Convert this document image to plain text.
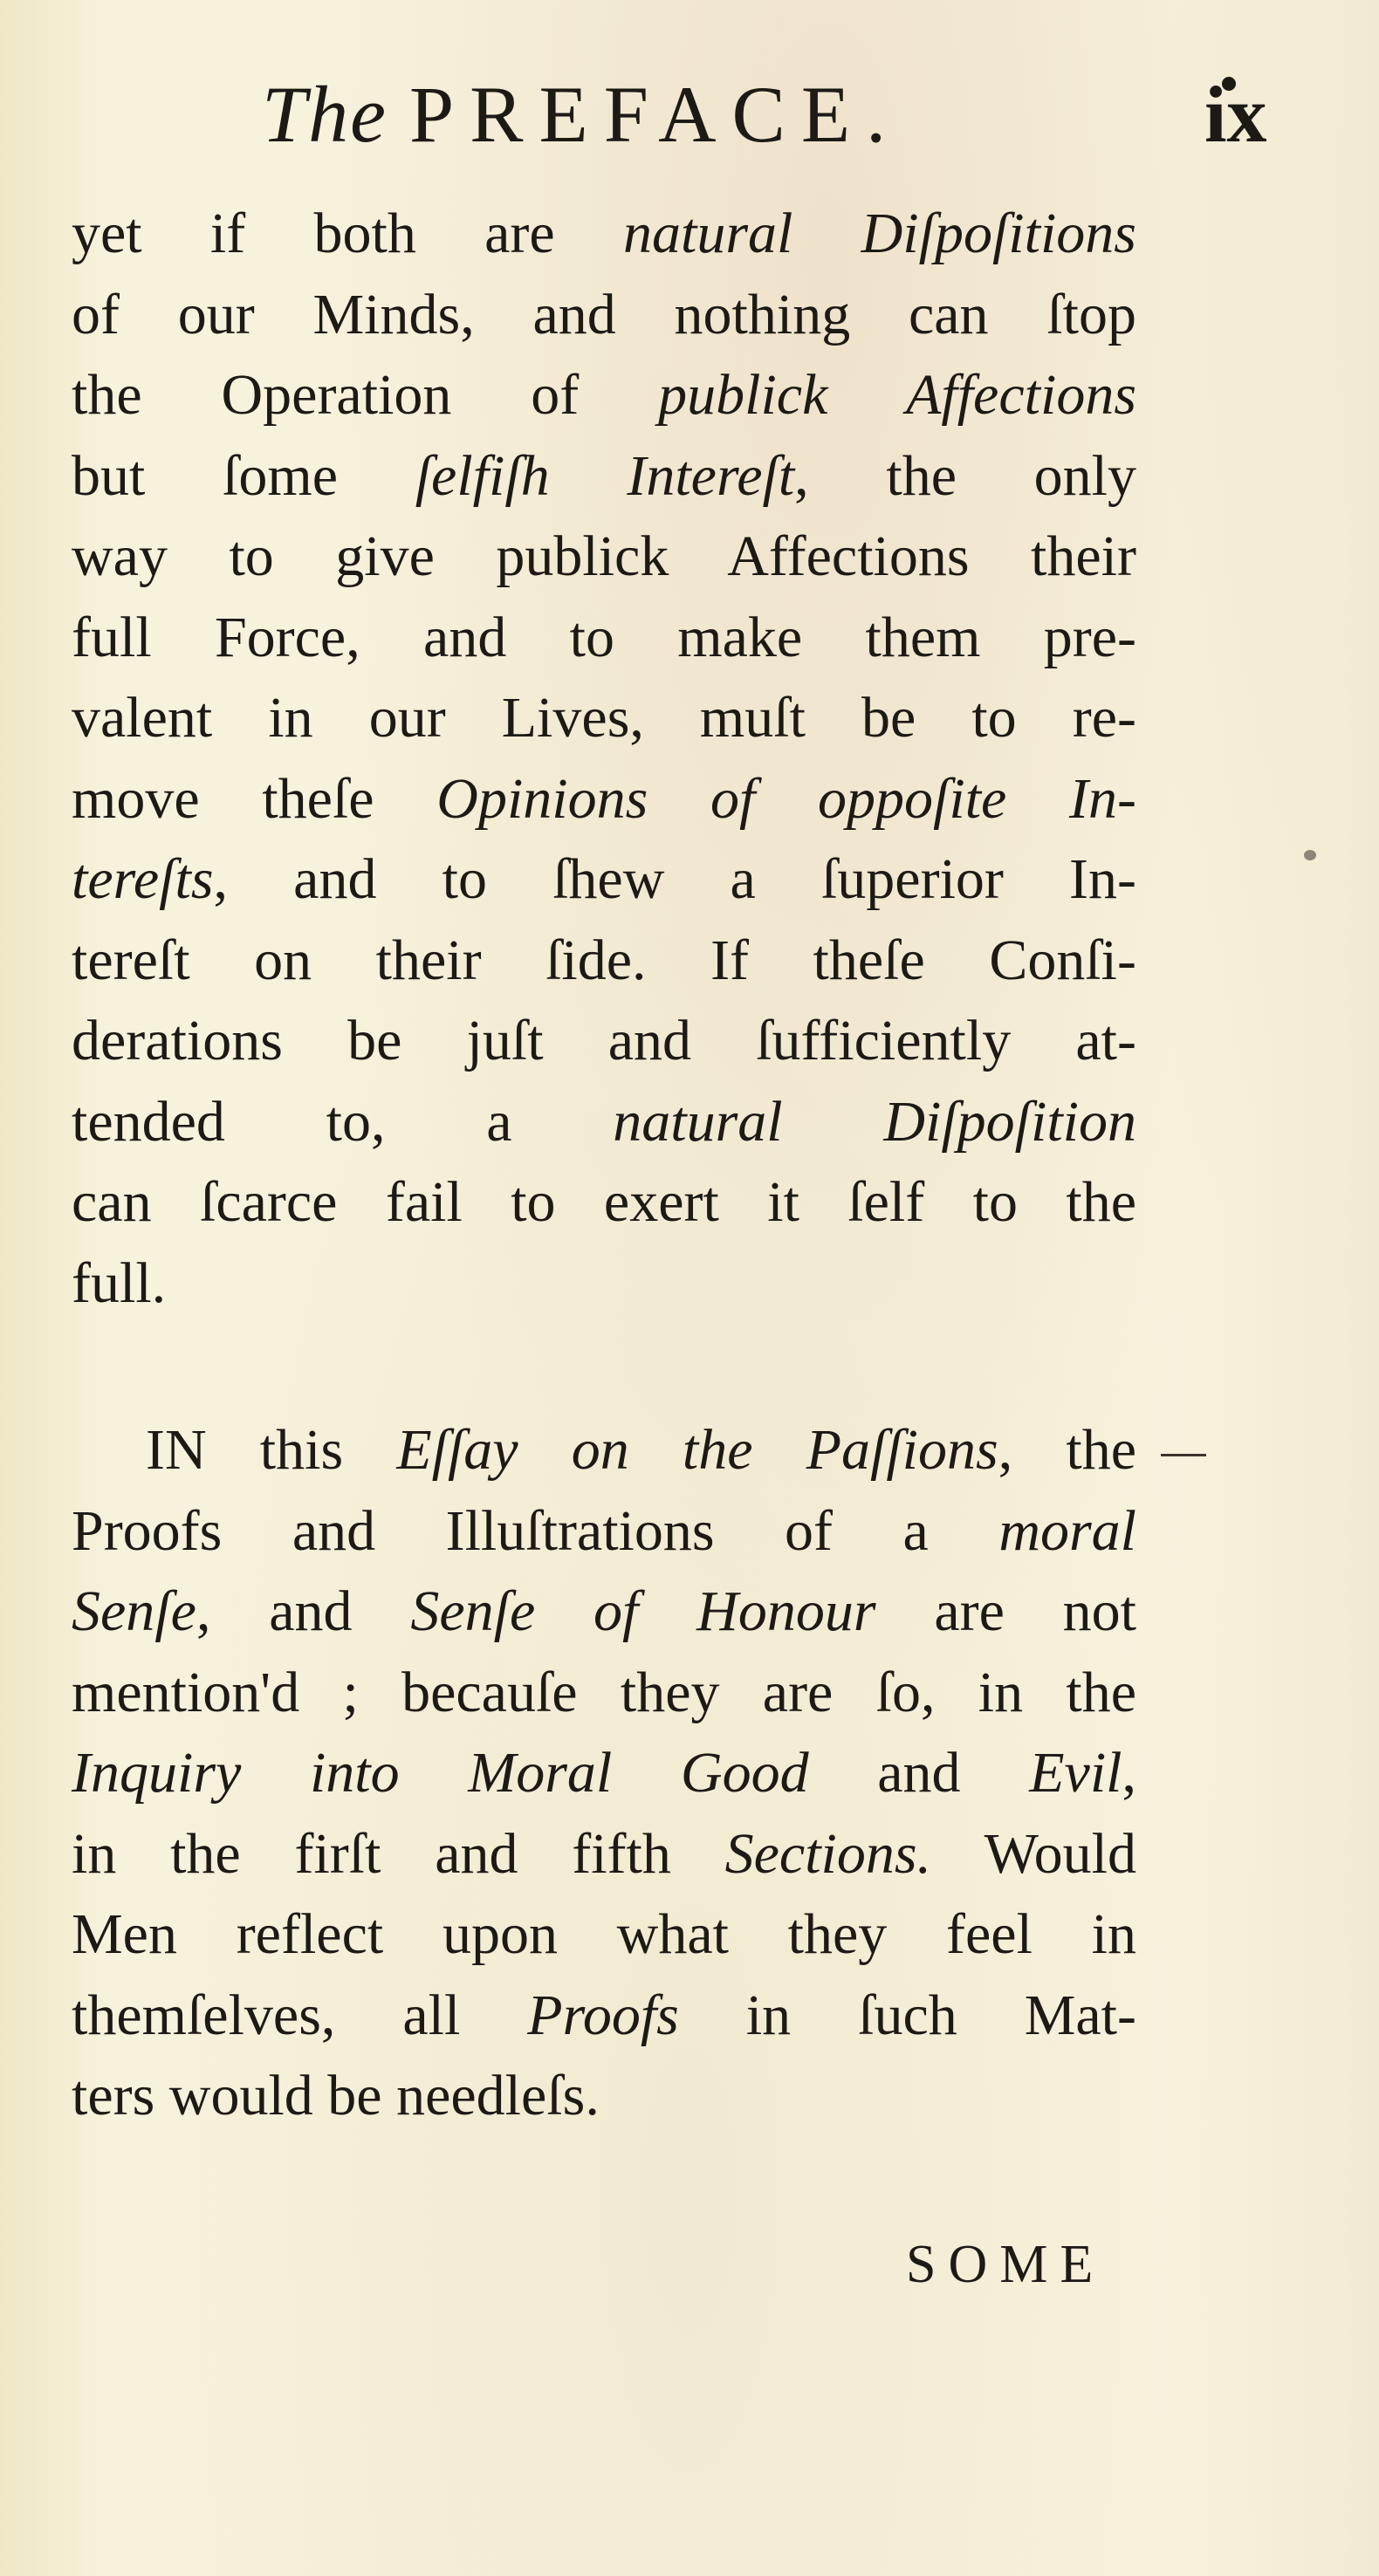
The PREFACE.	ix
yet if both are natural Diſpoſitions
of our Minds, and nothing can ſtop
the Operation of publick Affections
but ſome ſelfiſh Intereſt, the only
way to give publick Affections their
full Force, and to make them pre-
valent in our Lives, muſt be to re-
move theſe Opinions of oppoſite In-
tereſts, and to ſhew a ſuperior In-
tereſt on their ſide. If theſe Conſi-
derations be juſt and ſufficiently at-
tended to, a natural Diſpoſition
can ſcarce fail to exert it ſelf to the
full.
IN this Eſſay on the Paſſions, the
Proofs and Illuſtrations of a moral
Senſe, and Senſe of Honour are not
mention'd ; becauſe they are ſo, in the
Inquiry into Moral Good and Evil,
in the firſt and fifth Sections. Would
Men reflect upon what they feel in
themſelves, all Proofs in ſuch Mat-
ters would be needleſs.
SOME
